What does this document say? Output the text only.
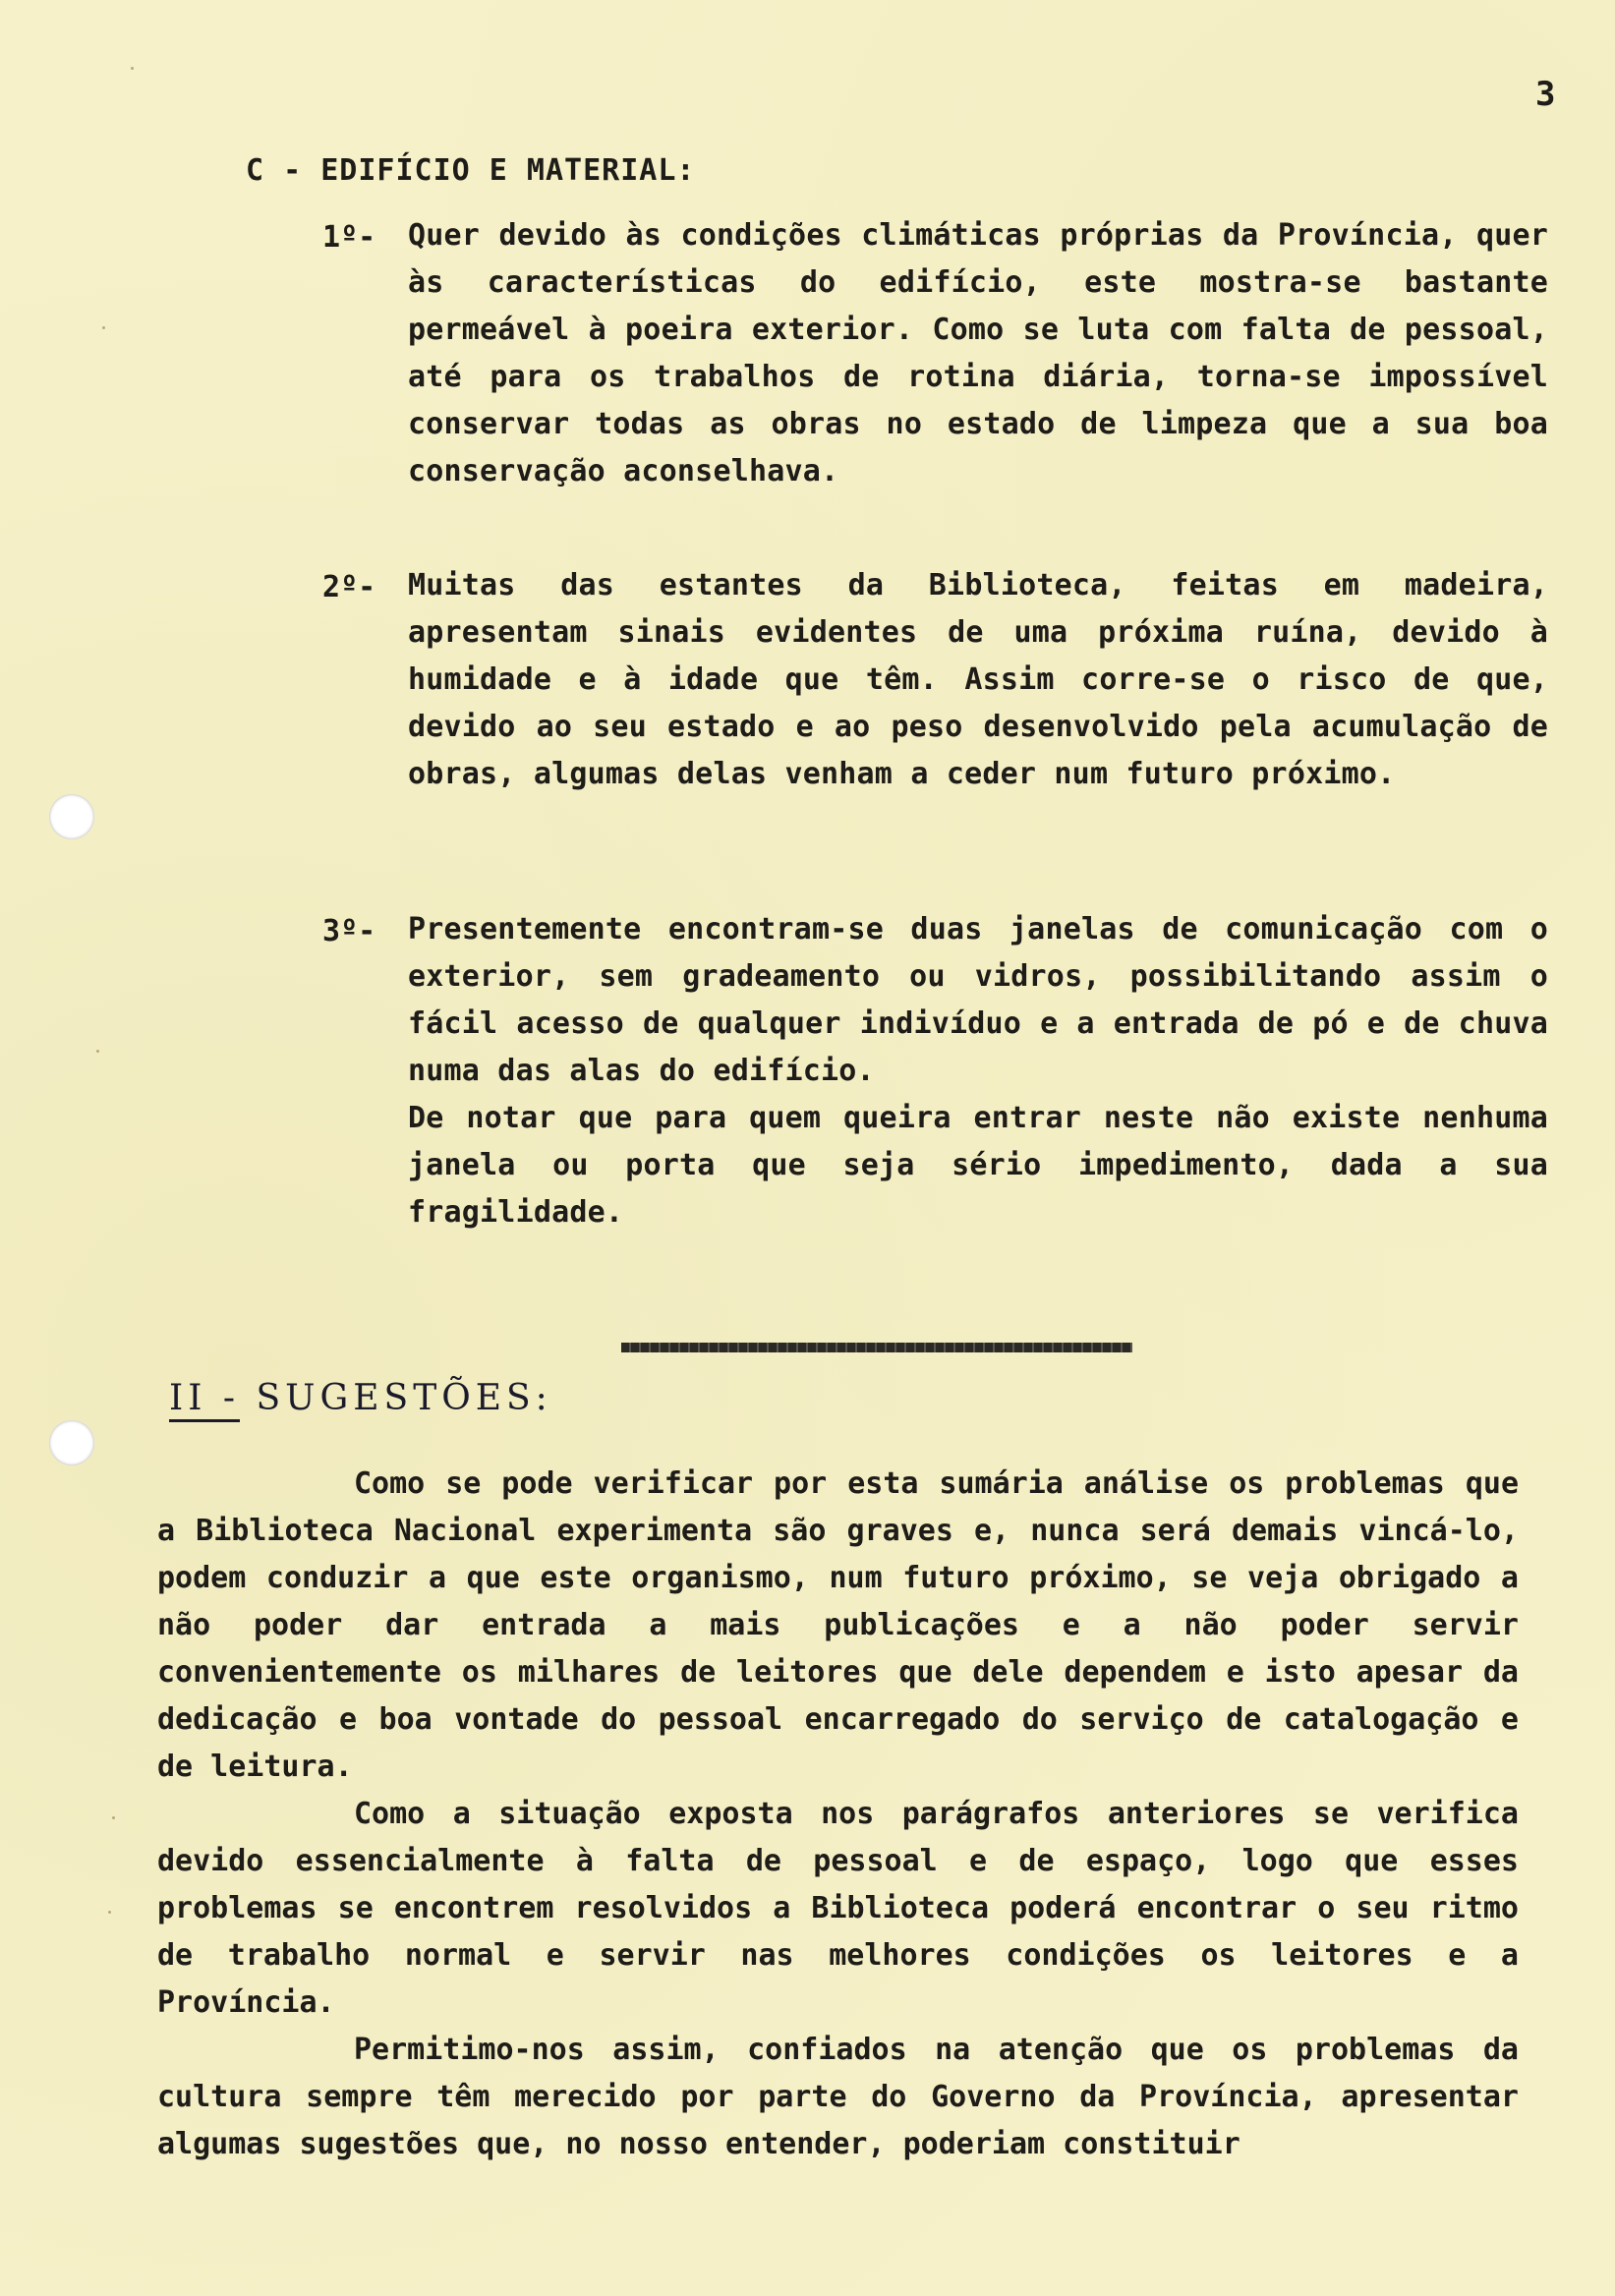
3
C - EDIFÍCIO E MATERIAL:
1º- Quer devido às condições climáticas próprias da Província, quer às características do edifício, este mostra-se bastante permeável à poeira exterior. Como se luta com falta de pessoal, até para os trabalhos de rotina diária, torna-se impossível conservar todas as obras no estado de limpeza que a sua boa conservação aconselhava.
2º- Muitas das estantes da Biblioteca, feitas em madeira, apresentam sinais evidentes de uma próxima ruína, devido à humidade e à idade que têm. Assim corre-se o risco de que, devido ao seu estado e ao peso desenvolvido pela acumulação de obras, algumas delas venham a ceder num futuro próximo.
3º- Presentemente encontram-se duas janelas de comunicação com o exterior, sem gradeamento ou vidros, possibilitando assim o fácil acesso de qualquer indivíduo e a entrada de pó e de chuva numa das alas do edifício.
De notar que para quem queira entrar neste não existe nenhuma janela ou porta que seja sério impedimento, dada a sua fragilidade.
II - SUGESTÕES:

Como se pode verificar por esta sumária análise os problemas que a Biblioteca Nacional experimenta são graves e, nunca será demais vincá-lo, podem conduzir a que este organismo, num futuro próximo, se veja obrigado a não poder dar entrada a mais publicações e a não poder servir convenientemente os milhares de leitores que dele dependem e isto apesar da dedicação e boa vontade do pessoal encarregado do serviço de catalogação e de leitura.

Como a situação exposta nos parágrafos anteriores se verifica devido essencialmente à falta de pessoal e de espaço, logo que esses problemas se encontrem resolvidos a Biblioteca poderá encontrar o seu ritmo de trabalho normal e servir nas melhores condições os leitores e a Província.

Permitimo-nos assim, confiados na atenção que os problemas da cultura sempre têm merecido por parte do Governo da Província, apresentar algumas sugestões que, no nosso entender, poderiam constituir
